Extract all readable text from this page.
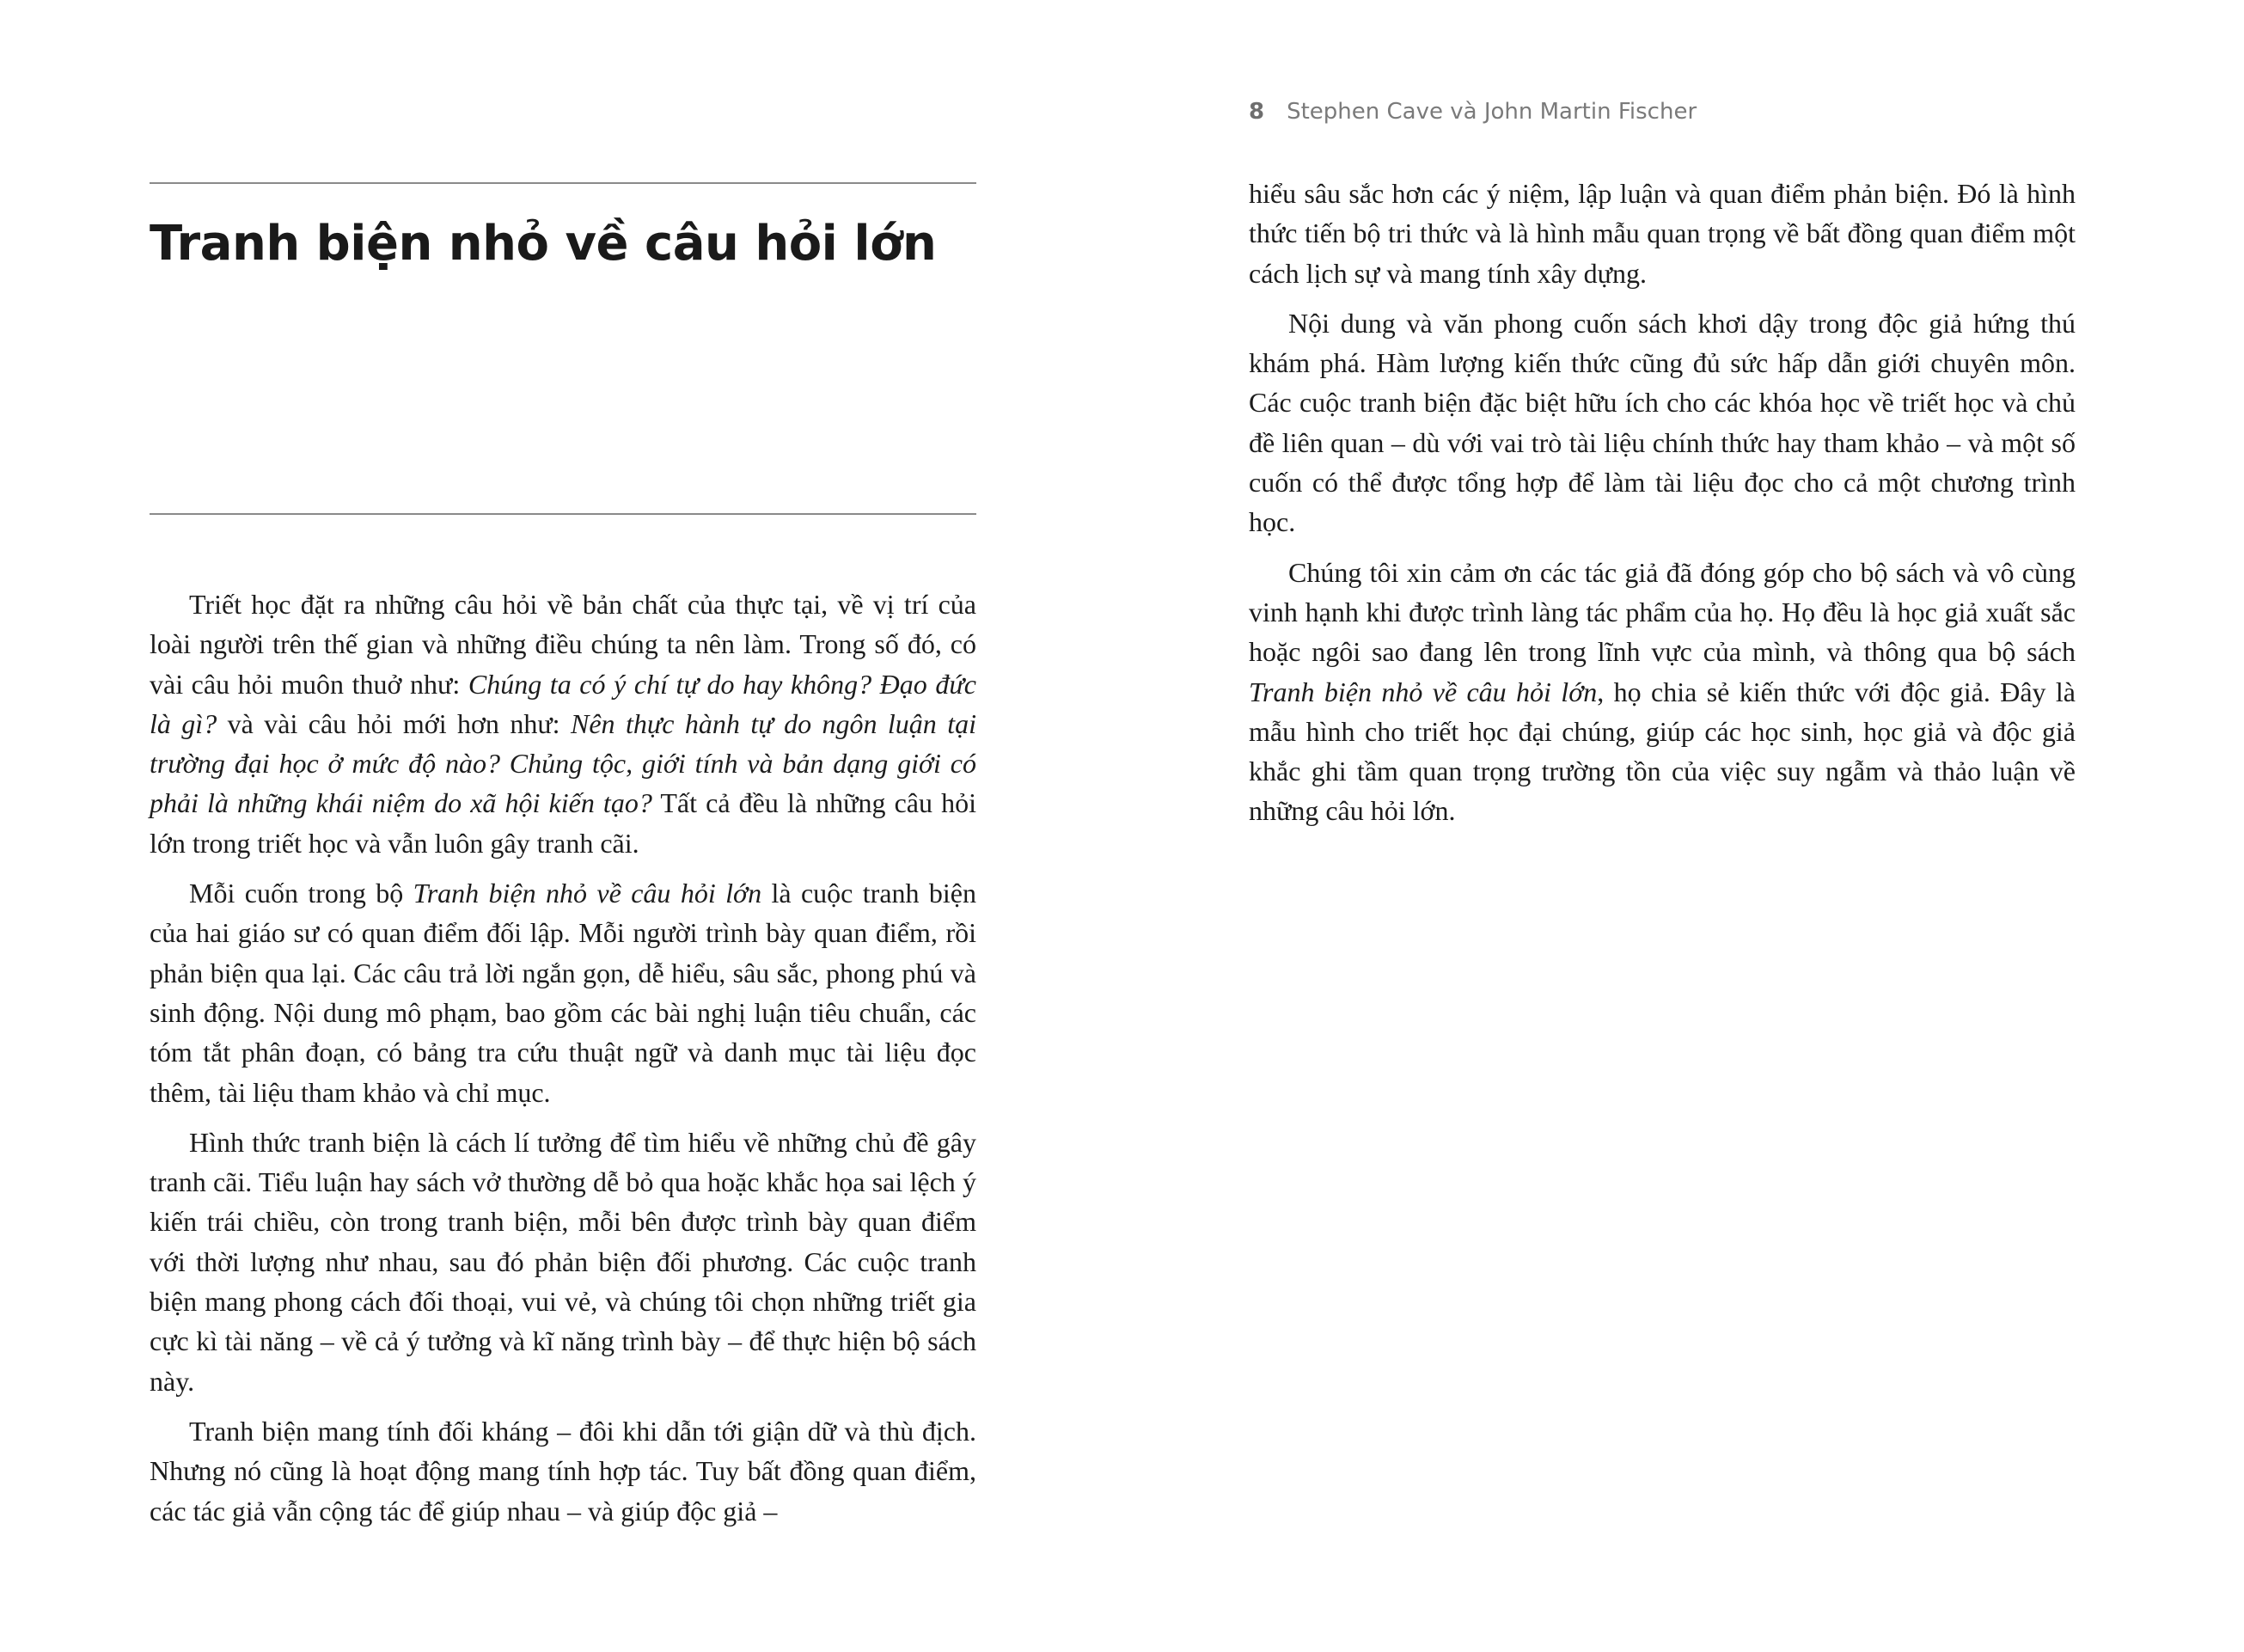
Tranh biện nhỏ về câu hỏi lớn

Triết học đặt ra những câu hỏi về bản chất của thực tại, về vị trí của loài người trên thế gian và những điều chúng ta nên làm. Trong số đó, có vài câu hỏi muôn thuở như: Chúng ta có ý chí tự do hay không? Đạo đức là gì? và vài câu hỏi mới hơn như: Nên thực hành tự do ngôn luận tại trường đại học ở mức độ nào? Chủng tộc, giới tính và bản dạng giới có phải là những khái niệm do xã hội kiến tạo? Tất cả đều là những câu hỏi lớn trong triết học và vẫn luôn gây tranh cãi.

Mỗi cuốn trong bộ Tranh biện nhỏ về câu hỏi lớn là cuộc tranh biện của hai giáo sư có quan điểm đối lập. Mỗi người trình bày quan điểm, rồi phản biện qua lại. Các câu trả lời ngắn gọn, dễ hiểu, sâu sắc, phong phú và sinh động. Nội dung mô phạm, bao gồm các bài nghị luận tiêu chuẩn, các tóm tắt phân đoạn, có bảng tra cứu thuật ngữ và danh mục tài liệu đọc thêm, tài liệu tham khảo và chỉ mục.

Hình thức tranh biện là cách lí tưởng để tìm hiểu về những chủ đề gây tranh cãi. Tiểu luận hay sách vở thường dễ bỏ qua hoặc khắc họa sai lệch ý kiến trái chiều, còn trong tranh biện, mỗi bên được trình bày quan điểm với thời lượng như nhau, sau đó phản biện đối phương. Các cuộc tranh biện mang phong cách đối thoại, vui vẻ, và chúng tôi chọn những triết gia cực kì tài năng – về cả ý tưởng và kĩ năng trình bày – để thực hiện bộ sách này.

Tranh biện mang tính đối kháng – đôi khi dẫn tới giận dữ và thù địch. Nhưng nó cũng là hoạt động mang tính hợp tác. Tuy bất đồng quan điểm, các tác giả vẫn cộng tác để giúp nhau – và giúp độc giả –

8 Stephen Cave và John Martin Fischer

hiểu sâu sắc hơn các ý niệm, lập luận và quan điểm phản biện. Đó là hình thức tiến bộ tri thức và là hình mẫu quan trọng về bất đồng quan điểm một cách lịch sự và mang tính xây dựng.

Nội dung và văn phong cuốn sách khơi dậy trong độc giả hứng thú khám phá. Hàm lượng kiến thức cũng đủ sức hấp dẫn giới chuyên môn. Các cuộc tranh biện đặc biệt hữu ích cho các khóa học về triết học và chủ đề liên quan – dù với vai trò tài liệu chính thức hay tham khảo – và một số cuốn có thể được tổng hợp để làm tài liệu đọc cho cả một chương trình học.

Chúng tôi xin cảm ơn các tác giả đã đóng góp cho bộ sách và vô cùng vinh hạnh khi được trình làng tác phẩm của họ. Họ đều là học giả xuất sắc hoặc ngôi sao đang lên trong lĩnh vực của mình, và thông qua bộ sách Tranh biện nhỏ về câu hỏi lớn, họ chia sẻ kiến thức với độc giả. Đây là mẫu hình cho triết học đại chúng, giúp các học sinh, học giả và độc giả khắc ghi tầm quan trọng trường tồn của việc suy ngẫm và thảo luận về những câu hỏi lớn.
